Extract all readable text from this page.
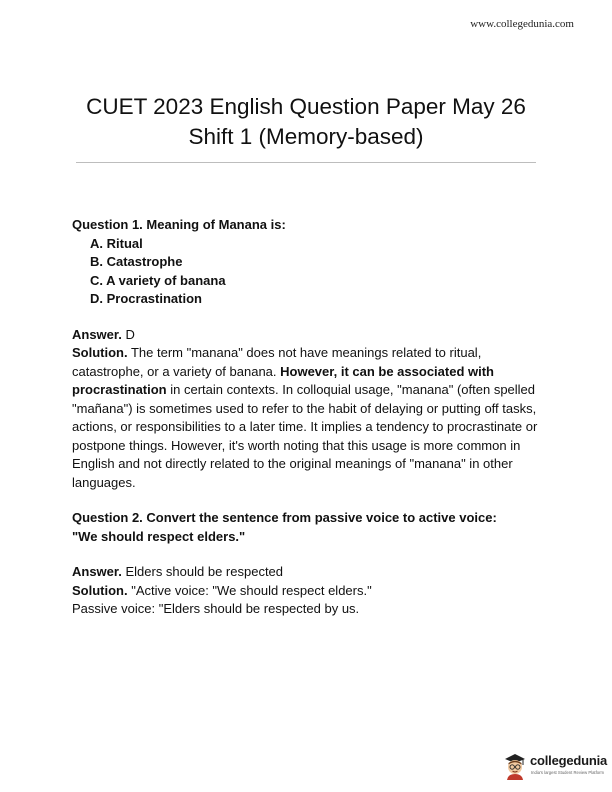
www.collegedunia.com
CUET 2023 English Question Paper May 26
Shift 1 (Memory-based)
Question 1. Meaning of Manana is:
A. Ritual
B. Catastrophe
C. A variety of banana
D. Procrastination
Answer. D
Solution. The term "manana" does not have meanings related to ritual, catastrophe, or a variety of banana. However, it can be associated with procrastination in certain contexts. In colloquial usage, "manana" (often spelled "mañana") is sometimes used to refer to the habit of delaying or putting off tasks, actions, or responsibilities to a later time. It implies a tendency to procrastinate or postpone things. However, it's worth noting that this usage is more common in English and not directly related to the original meanings of "manana" in other languages.
Question 2. Convert the sentence from passive voice to active voice:
"We should respect elders."
Answer. Elders should be respected
Solution. "Active voice: "We should respect elders."
Passive voice: "Elders should be respected by us.
collegedunia
India's largest Student Review Platform
